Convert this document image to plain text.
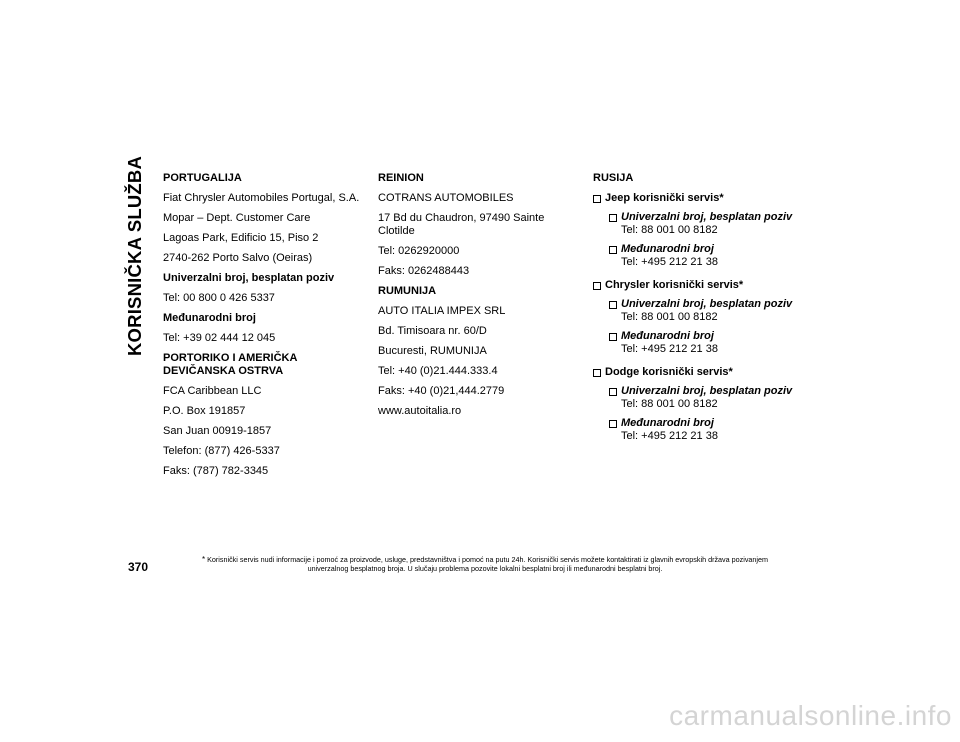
KORISNIČKA SLUŽBA PORTUGALIJA

Fiat Chrysler Automobiles Portugal, S.A.

Mopar – Dept. Customer Care

Lagoas Park, Edificio 15, Piso 2

2740-262 Porto Salvo (Oeiras)

Univerzalni broj, besplatan poziv

Tel: 00 800 0 426 5337

Međunarodni broj

Tel: +39 02 444 12 045

PORTORIKO I AMERIČKA DEVIČANSKA OSTRVA

FCA Caribbean LLC

P.O. Box 191857

San Juan 00919-1857

Telefon: (877) 426-5337

Faks: (787) 782-3345

REINION

COTRANS AUTOMOBILES

17 Bd du Chaudron, 97490 Sainte Clotilde

Tel: 0262920000

Faks: 0262488443

RUMUNIJA

AUTO ITALIA IMPEX SRL

Bd. Timisoara nr. 60/D

Bucuresti, RUMUNIJA

Tel: +40 (0)21.444.333.4

Faks: +40 (0)21,444.2779

www.autoitalia.ro

RUSIJA

Jeep korisnički servis*
Univerzalni broj, besplatan poziv
Tel: 88 001 00 8182
Međunarodni broj
Tel: +495 212 21 38
Chrysler korisnički servis*
Univerzalni broj, besplatan poziv
Tel: 88 001 00 8182
Međunarodni broj
Tel: +495 212 21 38
Dodge korisnički servis*
Univerzalni broj, besplatan poziv
Tel: 88 001 00 8182
Međunarodni broj
Tel: +495 212 21 38
370
* Korisnički servis nudi informacije i pomoć za proizvode, usluge, predstavništva i pomoć na putu 24h. Korisnički servis možete kontaktirati iz glavnih evropskih država pozivanjem
univerzalnog besplatnog broja. U slučaju problema pozovite lokalni besplatni broj ili međunarodni besplatni broj.
carmanualsonline.info
